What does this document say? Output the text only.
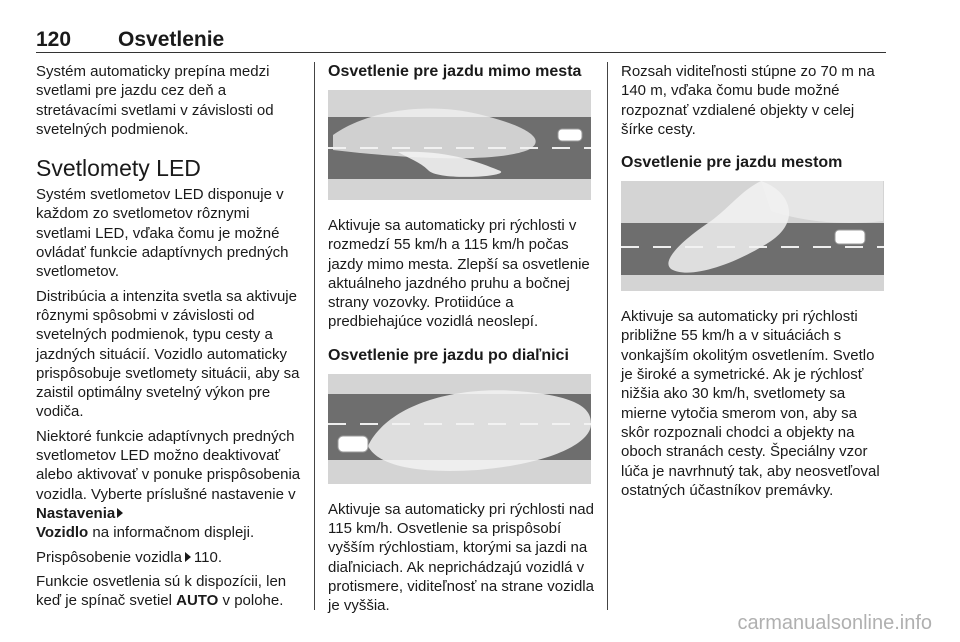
120 Osvetlenie

Systém automaticky prepína medzi svetlami pre jazdu cez deň a stretávacími svetlami v závislosti od svetelných podmienok.

Svetlomety LED

Systém svetlometov LED disponuje v každom zo svetlometov rôznymi svetlami LED, vďaka čomu je možné ovládať funkcie adaptívnych predných svetlometov.

Distribúcia a intenzita svetla sa aktivuje rôznymi spôsobmi v závislosti od svetelných podmienok, typu cesty a jazdných situácií. Vozidlo automaticky prispôsobuje svetlomety situácii, aby sa zaistil optimálny svetelný výkon pre vodiča.

Niektoré funkcie adaptívnych predných svetlometov LED možno deaktivovať alebo aktivovať v ponuke prispôsobenia vozidla. Vyberte príslušné nastavenie v Nastavenia
Vozidlo na informačnom displeji.

Prispôsobenie vozidla 110.

Funkcie osvetlenia sú k dispozícii, len keď je spínač svetiel AUTO v polohe.

Osvetlenie pre jazdu mimo mesta

Aktivuje sa automaticky pri rýchlosti v rozmedzí 55 km/h a 115 km/h počas jazdy mimo mesta. Zlepší sa osvetlenie aktuálneho jazdného pruhu a bočnej strany vozovky. Protiidúce a predbiehajúce vozidlá neoslepí.

Osvetlenie pre jazdu po diaľnici

Aktivuje sa automaticky pri rýchlosti nad 115 km/h. Osvetlenie sa prispôsobí vyšším rýchlostiam, ktorými sa jazdi na diaľniciach. Ak neprichádzajú vozidlá v protismere, viditeľnosť na strane vozidla je vyššia.

Rozsah viditeľnosti stúpne zo 70 m na 140 m, vďaka čomu bude možné rozpoznať vzdialené objekty v celej šírke cesty.

Osvetlenie pre jazdu mestom

Aktivuje sa automaticky pri rýchlosti približne 55 km/h a v situáciách s vonkajším okolitým osvetlením. Svetlo je široké a symetrické. Ak je rýchlosť nižšia ako 30 km/h, svetlomety sa mierne vytočia smerom von, aby sa skôr rozpoznali chodci a objekty na oboch stranách cesty. Špeciálny vzor lúča je navrhnutý tak, aby neosvetľoval ostatných účastníkov premávky.

carmanualsonline.info
